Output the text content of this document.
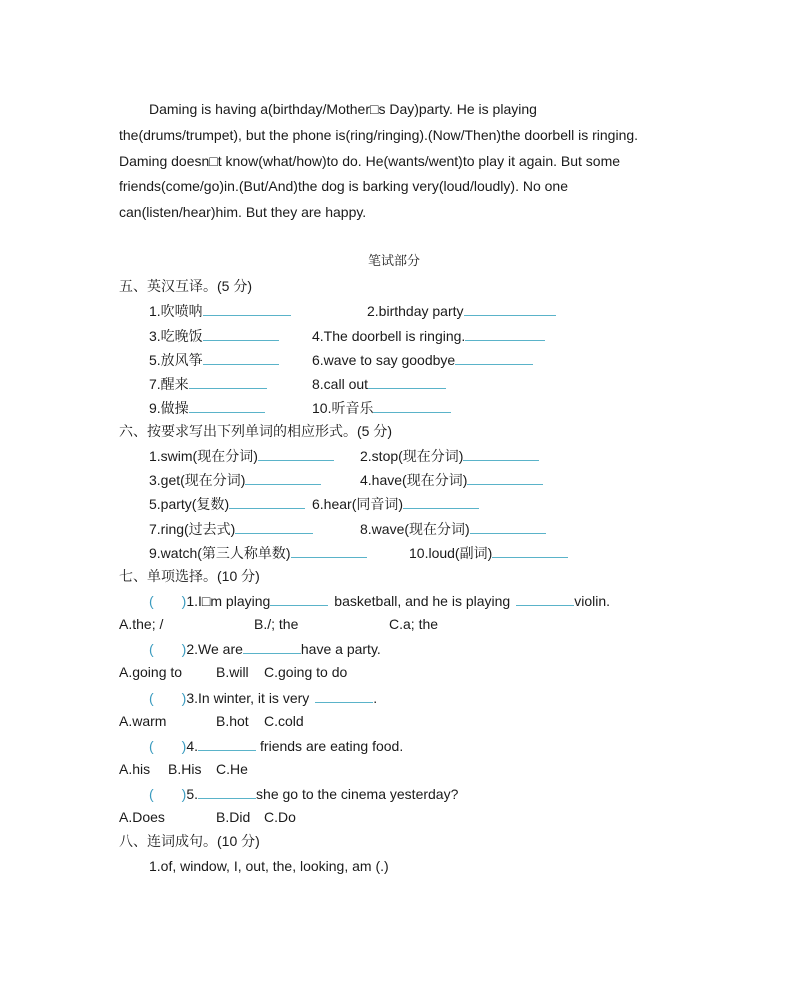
Daming is having a(birthday/Mother□s Day)party. He is playing
the(drums/trumpet), but the phone is(ring/ringing).(Now/Then)the doorbell is ringing.
Daming doesn□t know(what/how)to do. He(wants/went)to play it again. But some
friends(come/go)in.(But/And)the dog is barking very(loud/loudly). No one
can(listen/hear)him. But they are happy.
笔试部分
五、英汉互译。(5 分)
1.吹喷呐	2.birthday party
3.吃晚饭	4.The doorbell is ringing.
5.放风筝	6.wave to say goodbye
7.醒来	8.call out
9.做操	10.听音乐
六、按要求写出下列单词的相应形式。(5 分)
1.swim(现在分词)	2.stop(现在分词)
3.get(现在分词)	4.have(现在分词)
5.party(复数)	6.hear(同音词)
7.ring(过去式)	8.wave(现在分词)
9.watch(第三人称单数)	10.loud(副词)
七、单项选择。(10 分)
( )1.I□m playing	basketball, and he is playing	violin.
A.the; /	B./; the	C.a; the
( )2.We are	have a party.
A.going to B.will C.going to do
( )3.In winter, it is very	.
A.warm	B.hot C.cold
( )4.	friends are eating food.
A.his B.His C.He
( )5.	she go to the cinema yesterday?
A.Does	B.Did C.Do
八、连词成句。(10 分)
1.of, window, I, out, the, looking, am (.)
